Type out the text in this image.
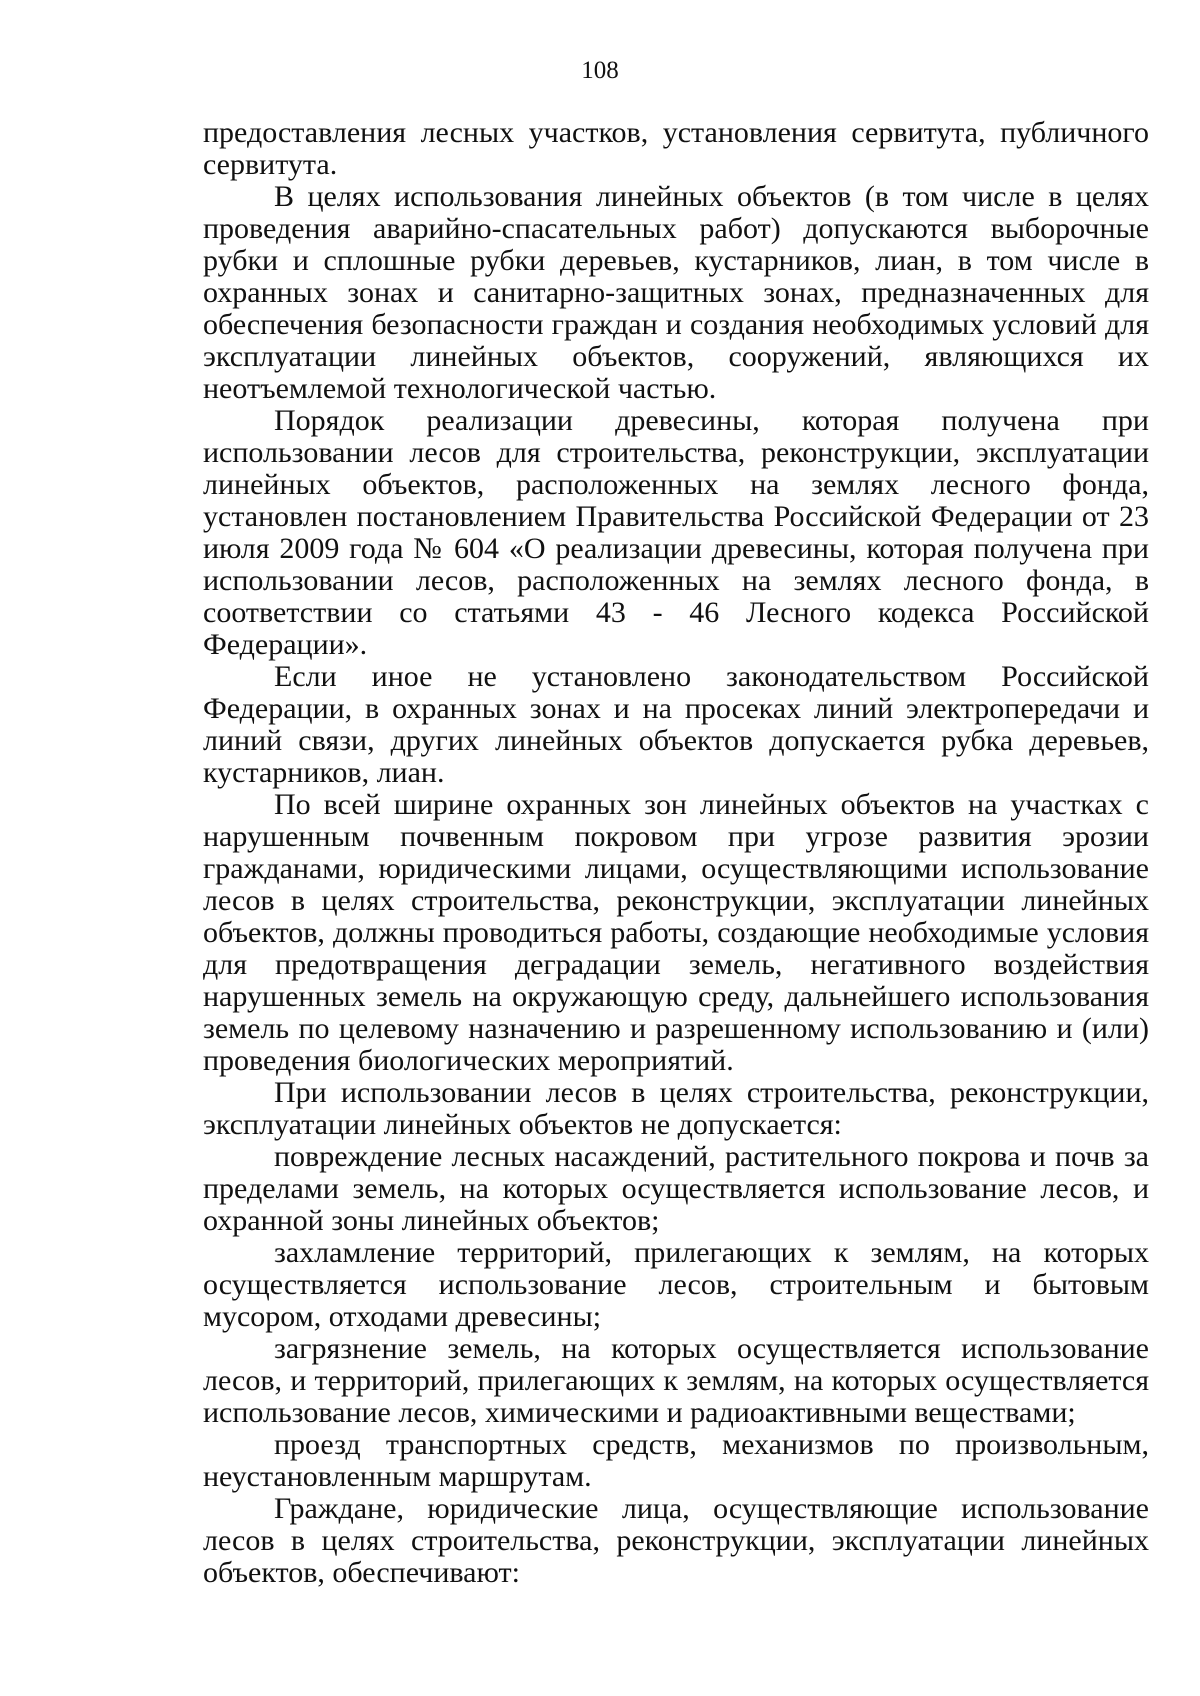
108

предоставления лесных участков, установления сервитута, публичного сервитута.

В целях использования линейных объектов (в том числе в целях проведения аварийно-спасательных работ) допускаются выборочные рубки и сплошные рубки деревьев, кустарников, лиан, в том числе в охранных зонах и санитарно-защитных зонах, предназначенных для обеспечения безопасности граждан и создания необходимых условий для эксплуатации линейных объектов, сооружений, являющихся их неотъемлемой технологической частью.

Порядок реализации древесины, которая получена при использовании лесов для строительства, реконструкции, эксплуатации линейных объектов, расположенных на землях лесного фонда, установлен постановлением Правительства Российской Федерации от 23 июля 2009 года № 604 «О реализации древесины, которая получена при использовании лесов, расположенных на землях лесного фонда, в соответствии со статьями 43 - 46 Лесного кодекса Российской Федерации».

Если иное не установлено законодательством Российской Федерации, в охранных зонах и на просеках линий электропередачи и линий связи, других линейных объектов допускается рубка деревьев, кустарников, лиан.

По всей ширине охранных зон линейных объектов на участках с нарушенным почвенным покровом при угрозе развития эрозии гражданами, юридическими лицами, осуществляющими использование лесов в целях строительства, реконструкции, эксплуатации линейных объектов, должны проводиться работы, создающие необходимые условия для предотвращения деградации земель, негативного воздействия нарушенных земель на окружающую среду, дальнейшего использования земель по целевому назначению и разрешенному использованию и (или) проведения биологических мероприятий.

При использовании лесов в целях строительства, реконструкции, эксплуатации линейных объектов не допускается:

повреждение лесных насаждений, растительного покрова и почв за пределами земель, на которых осуществляется использование лесов, и охранной зоны линейных объектов;

захламление территорий, прилегающих к землям, на которых осуществляется использование лесов, строительным и бытовым мусором, отходами древесины;

загрязнение земель, на которых осуществляется использование лесов, и территорий, прилегающих к землям, на которых осуществляется использование лесов, химическими и радиоактивными веществами;

проезд транспортных средств, механизмов по произвольным, неустановленным маршрутам.

Граждане, юридические лица, осуществляющие использование лесов в целях строительства, реконструкции, эксплуатации линейных объектов, обеспечивают:
